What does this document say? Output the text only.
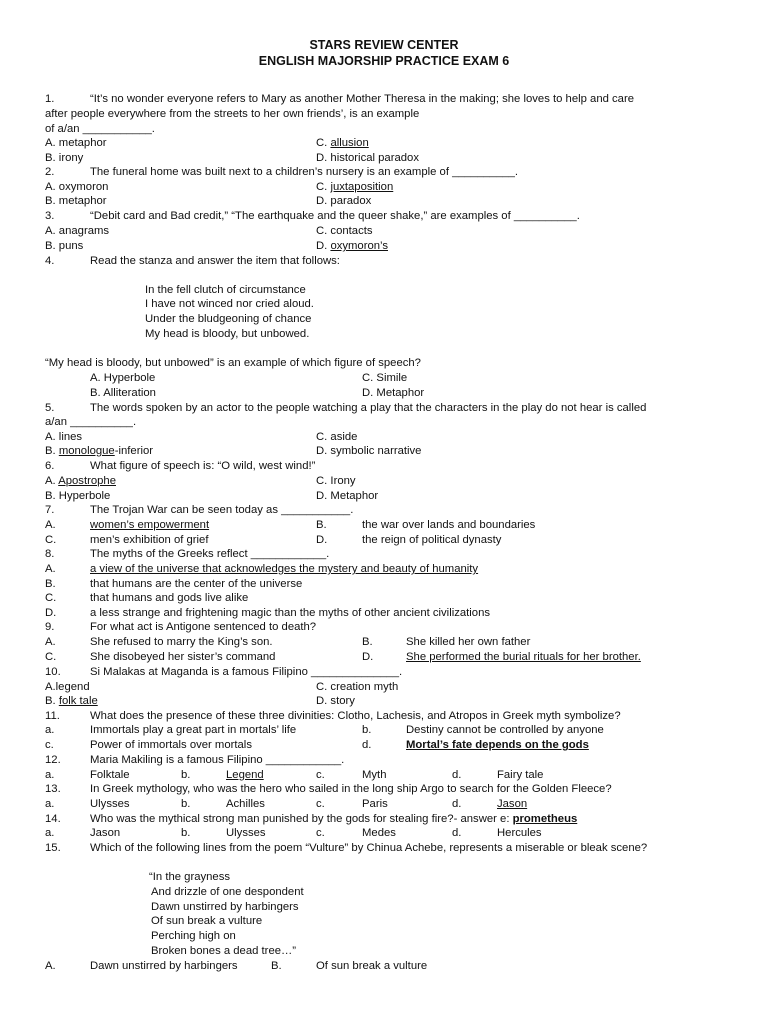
STARS REVIEW CENTER
ENGLISH MAJORSHIP PRACTICE EXAM 6
1.	“It’s no wonder everyone refers to Mary as another Mother Theresa in the making; she loves to help and care
after people everywhere from the streets to her own friends’, is an example
of a/an ___________.
A. metaphor	C. allusion
B. irony	D. historical paradox
2.	The funeral home was built next to a children’s nursery is an example of __________.
A. oxymoron	C. juxtaposition
B. metaphor	D. paradox
3.	“Debit card and Bad credit,” “The earthquake and the queer shake,” are examples of __________.
A. anagrams	C. contacts
B. puns	D. oxymoron’s
4.	Read the stanza and answer the item that follows:
In the fell clutch of circumstance
I have not winced nor cried aloud.
Under the bludgeoning of chance
My head is bloody, but unbowed.
“My head is bloody, but unbowed” is an example of which figure of speech?
A. Hyperbole	C. Simile
B. Alliteration	D. Metaphor
5.	The words spoken by an actor to the people watching a play that the characters in the play do not hear is called
a/an __________.
A. lines	C. aside
B. monologue-inferior	D. symbolic narrative
6.	What figure of speech is: “O wild, west wind!”
A. Apostrophe	C. Irony
B. Hyperbole	D. Metaphor
7.	The Trojan War can be seen today as ___________.
A.	women’s empowerment	B.	the war over lands and boundaries
C.	men’s exhibition of grief	D.	the reign of political dynasty
8.	The myths of the Greeks reflect ____________.
A.	a view of the universe that acknowledges the mystery and beauty of humanity
B.	that humans are the center of the universe
C.	that humans and gods live alike
D.	a less strange and frightening magic than the myths of other ancient civilizations
9.	For what act is Antigone sentenced to death?
A.	She refused to marry the King’s son.	B.	She killed her own father
C.	She disobeyed her sister’s command	D.	She performed the burial rituals for her brother.
10.	Si Malakas at Maganda is a famous Filipino ______________.
A.legend	C. creation myth
B. folk tale	D. story
11.	What does the presence of these three divinities: Clotho, Lachesis, and Atropos in Greek myth symbolize?
a.	Immortals play a great part in mortals’ life	b.	Destiny cannot be controlled by anyone
c.	Power of immortals over mortals	d.	Mortal’s fate depends on the gods
12.	Maria Makiling is a famous Filipino ____________.
a.	Folktale	b.	Legend	c.	Myth	d.	Fairy tale
13.	In Greek mythology, who was the hero who sailed in the long ship Argo to search for the Golden Fleece?
a.	Ulysses	b.	Achilles	c.	Paris	d.	Jason
14.	Who was the mythical strong man punished by the gods for stealing fire?- answer e: prometheus
a.	Jason	b.	Ulysses	c.	Medes	d.	Hercules
15.	Which of the following lines from the poem “Vulture” by Chinua Achebe, represents a miserable or bleak scene?
“In the grayness
And drizzle of one despondent
Dawn unstirred by harbingers
Of sun break a vulture
Perching high on
Broken bones a dead tree…”
A.	Dawn unstirred by harbingers	B.	Of sun break a vulture
